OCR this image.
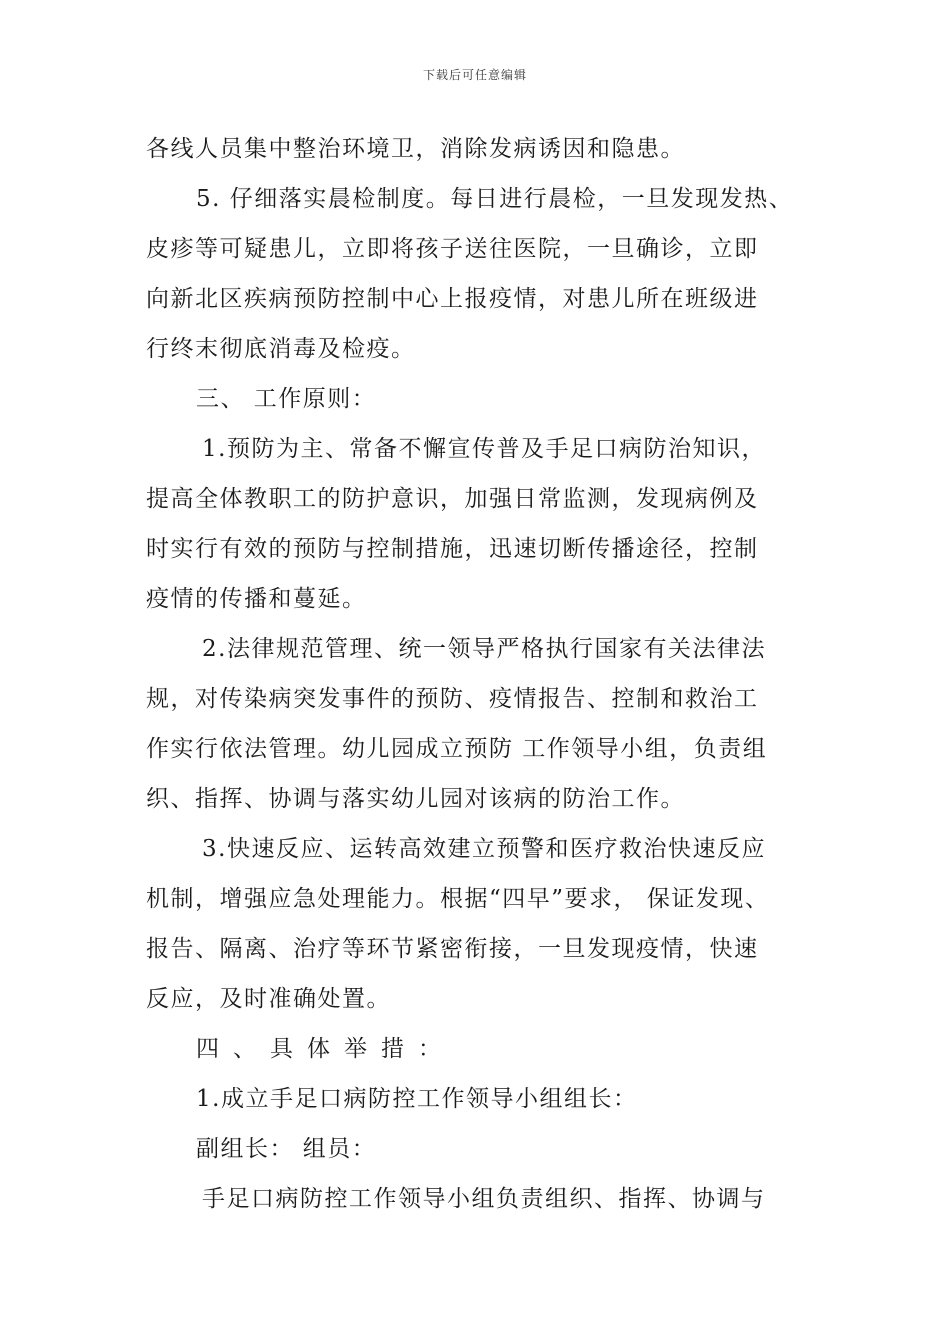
下载后可任意编辑
各线人员集中整治环境卫，消除发病诱因和隐患。
5. 仔细落实晨检制度。每日进行晨检，一旦发现发热、
皮疹等可疑患儿，立即将孩子送往医院，一旦确诊，立即
向新北区疾病预防控制中心上报疫情，对患儿所在班级进
行终末彻底消毒及检疫。
三、 工作原则：
1.预防为主、常备不懈宣传普及手足口病防治知识，
提高全体教职工的防护意识，加强日常监测，发现病例及
时实行有效的预防与控制措施，迅速切断传播途径，控制
疫情的传播和蔓延。
2.法律规范管理、统一领导严格执行国家有关法律法
规，对传染病突发事件的预防、疫情报告、控制和救治工
作实行依法管理。幼儿园成立预防 工作领导小组，负责组
织、指挥、协调与落实幼儿园对该病的防治工作。
3.快速反应、运转高效建立预警和医疗救治快速反应
机制，增强应急处理能力。根据“四早”要求， 保证发现、
报告、隔离、治疗等环节紧密衔接，一旦发现疫情，快速
反应，及时准确处置。
四、具体举措：
1.成立手足口病防控工作领导小组组长：
副组长： 组员：
手足口病防控工作领导小组负责组织、指挥、协调与
